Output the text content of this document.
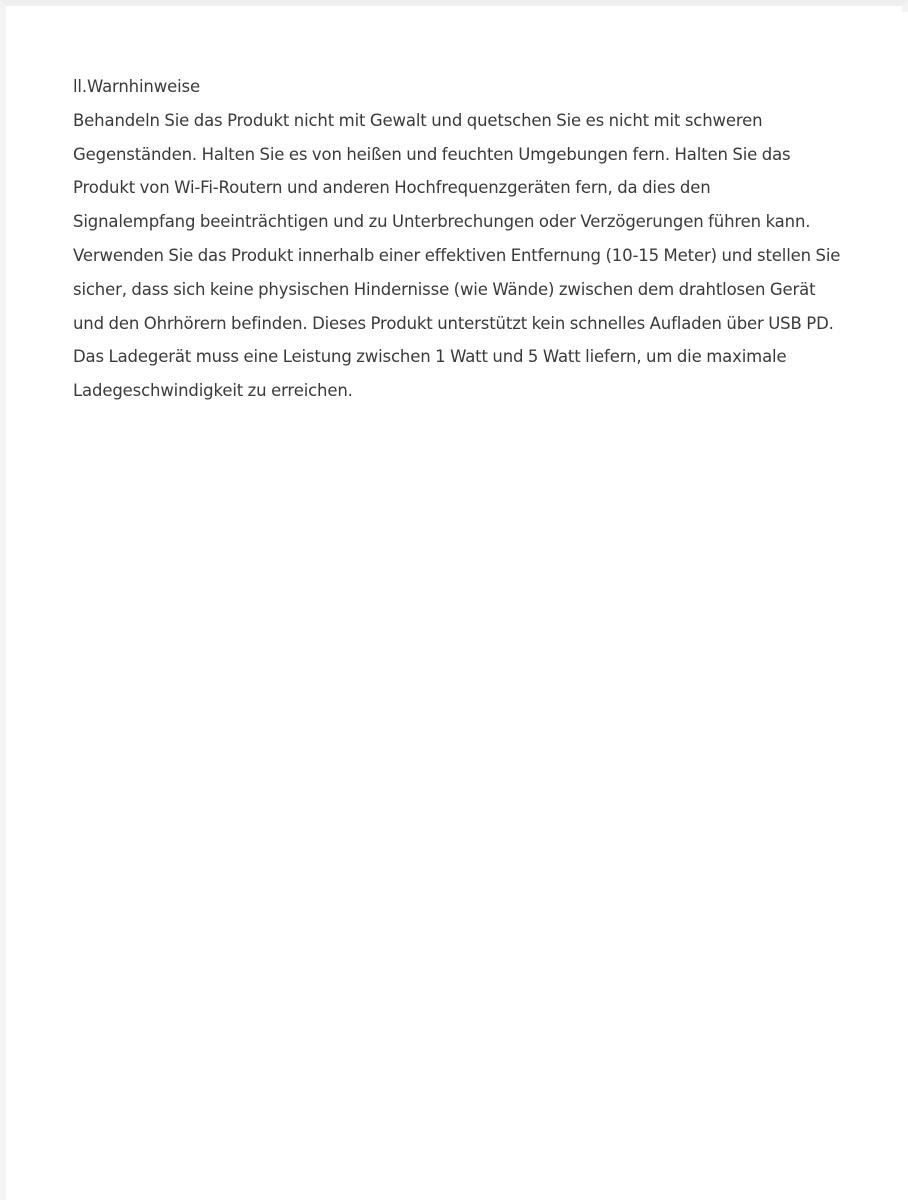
ll.Warnhinweise

Behandeln Sie das Produkt nicht mit Gewalt und quetschen Sie es nicht mit schweren
Gegenständen. Halten Sie es von heißen und feuchten Umgebungen fern. Halten Sie das
Produkt von Wi-Fi-Routern und anderen Hochfrequenzgeräten fern, da dies den
Signalempfang beeinträchtigen und zu Unterbrechungen oder Verzögerungen führen kann.
Verwenden Sie das Produkt innerhalb einer effektiven Entfernung (10-15 Meter) und stellen Sie
sicher, dass sich keine physischen Hindernisse (wie Wände) zwischen dem drahtlosen Gerät
und den Ohrhörern befinden. Dieses Produkt unterstützt kein schnelles Aufladen über USB PD.
Das Ladegerät muss eine Leistung zwischen 1 Watt und 5 Watt liefern, um die maximale
Ladegeschwindigkeit zu erreichen.
